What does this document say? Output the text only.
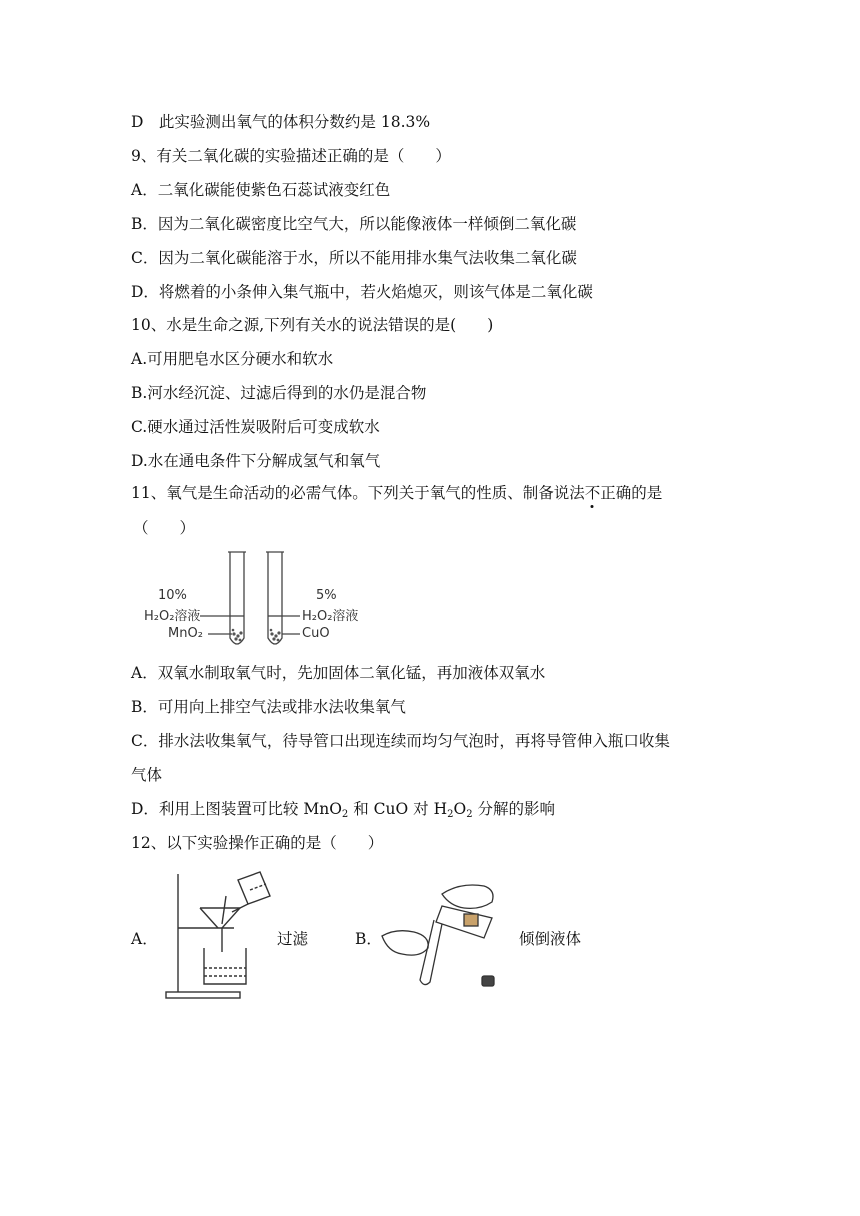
D　此实验测出氧气的体积分数约是 18.3%
9、有关二氧化碳的实验描述正确的是（　　）
A．二氧化碳能使紫色石蕊试液变红色
B．因为二氧化碳密度比空气大，所以能像液体一样倾倒二氧化碳
C．因为二氧化碳能溶于水，所以不能用排水集气法收集二氧化碳
D．将燃着的小条伸入集气瓶中，若火焰熄灭，则该气体是二氧化碳
10、水是生命之源,下列有关水的说法错误的是(　　)
A.可用肥皂水区分硬水和软水
B.河水经沉淀、过滤后得到的水仍是混合物
C.硬水通过活性炭吸附后可变成软水
D.水在通电条件下分解成氢气和氧气
11、氧气是生命活动的必需气体。下列关于氧气的性质、制备说法不正确的是
（　　）
10%
H₂O₂溶液
MnO₂
5%
H₂O₂溶液
CuO
A．双氧水制取氧气时，先加固体二氧化锰，再加液体双氧水
B．可用向上排空气法或排水法收集氧气
C．排水法收集氧气，待导管口出现连续而均匀气泡时，再将导管伸入瓶口收集
气体
D．利用上图装置可比较 MnO$_2$ 和 CuO 对 $H_2O_2$ 分解的影响
12、以下实验操作正确的是（　　）
A．	过滤	B．	倾倒液体
